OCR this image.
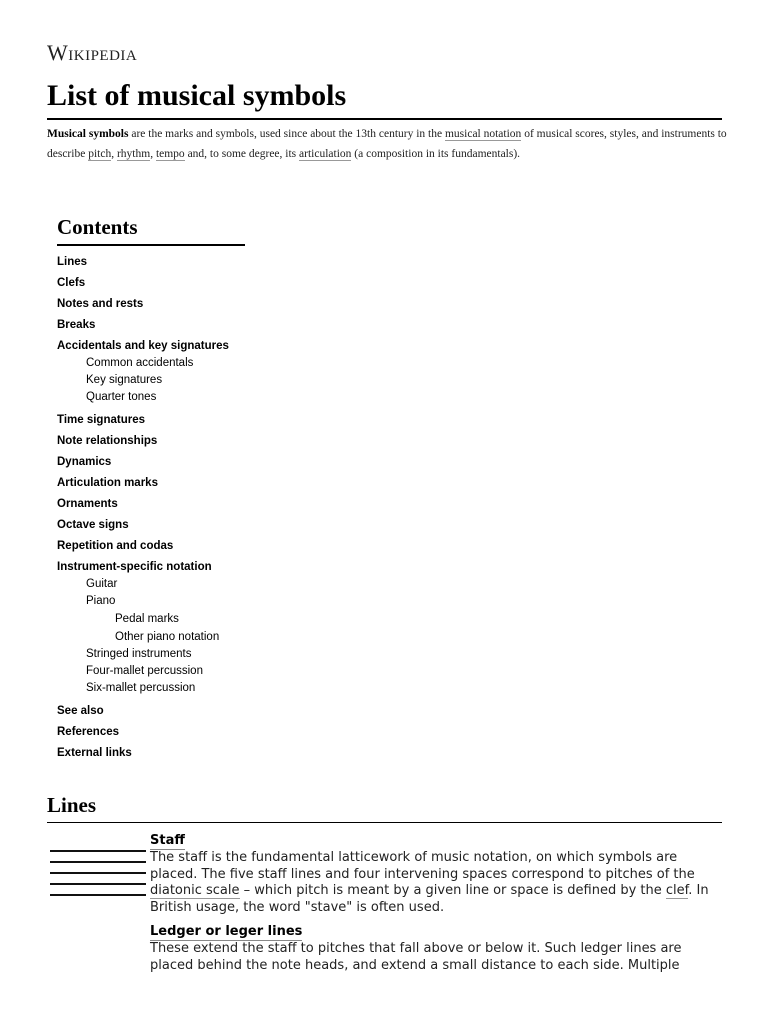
Wikipedia
List of musical symbols

Musical symbols are the marks and symbols, used since about the 13th century in the musical notation of musical scores, styles, and instruments to describe pitch, rhythm, tempo and, to some degree, its articulation (a composition in its fundamentals).

Contents
Lines
Clefs
Notes and rests
Breaks
Accidentals and key signatures
Common accidentals
Key signatures
Quarter tones
Time signatures
Note relationships
Dynamics
Articulation marks
Ornaments
Octave signs
Repetition and codas
Instrument-specific notation
Guitar
Piano
Pedal marks
Other piano notation
Stringed instruments
Four-mallet percussion
Six-mallet percussion
See also
References
External links
Lines
Staff

The staff is the fundamental latticework of music notation, on which symbols are placed. The five staff lines and four intervening spaces correspond to pitches of the diatonic scale – which pitch is meant by a given line or space is defined by the clef. In British usage, the word "stave" is often used.

Ledger or leger lines

These extend the staff to pitches that fall above or below it. Such ledger lines are placed behind the note heads, and extend a small distance to each side. Multiple
